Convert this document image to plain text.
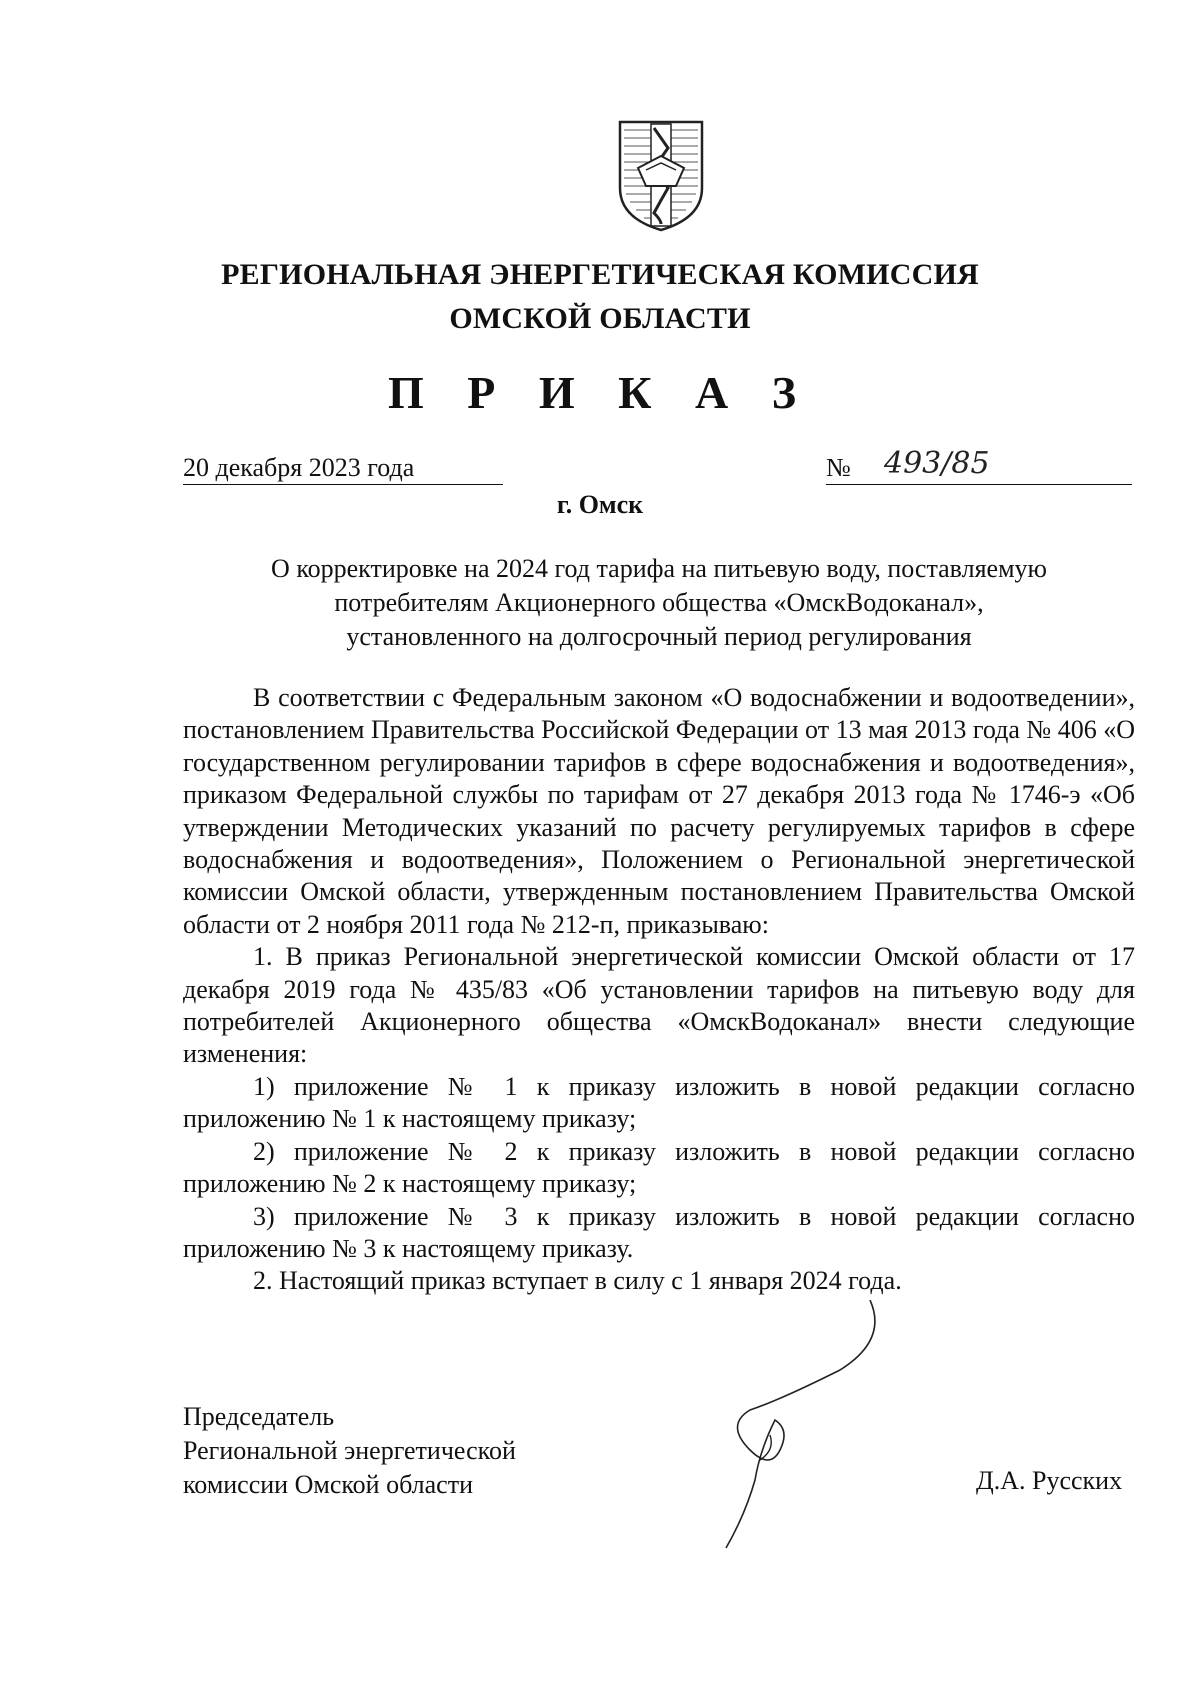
РЕГИОНАЛЬНАЯ ЭНЕРГЕТИЧЕСКАЯ КОМИССИЯ
ОМСКОЙ ОБЛАСТИ
П Р И К А З
20 декабря 2023 года	№ 493/85
г. Омск
О корректировке на 2024 год тарифа на питьевую воду, поставляемую
потребителям Акционерного общества «ОмскВодоканал»,
установленного на долгосрочный период регулирования

В соответствии с Федеральным законом «О водоснабжении и водоотведении», постановлением Правительства Российской Федерации от 13 мая 2013 года № 406 «О государственном регулировании тарифов в сфере водоснабжения и водоотведения», приказом Федеральной службы по тарифам от 27 декабря 2013 года № 1746-э «Об утверждении Методических указаний по расчету регулируемых тарифов в сфере водоснабжения и водоотведения», Положением о Региональной энергетической комиссии Омской области, утвержденным постановлением Правительства Омской области от 2 ноября 2011 года № 212-п, приказываю:

1. В приказ Региональной энергетической комиссии Омской области от 17 декабря 2019 года № 435/83 «Об установлении тарифов на питьевую воду для потребителей Акционерного общества «ОмскВодоканал» внести следующие изменения:

1) приложение № 1 к приказу изложить в новой редакции согласно приложению № 1 к настоящему приказу;

2) приложение № 2 к приказу изложить в новой редакции согласно приложению № 2 к настоящему приказу;

3) приложение № 3 к приказу изложить в новой редакции согласно приложению № 3 к настоящему приказу.

2. Настоящий приказ вступает в силу с 1 января 2024 года.

Председатель
Региональной энергетической
комиссии Омской области	Д.А. Русских
